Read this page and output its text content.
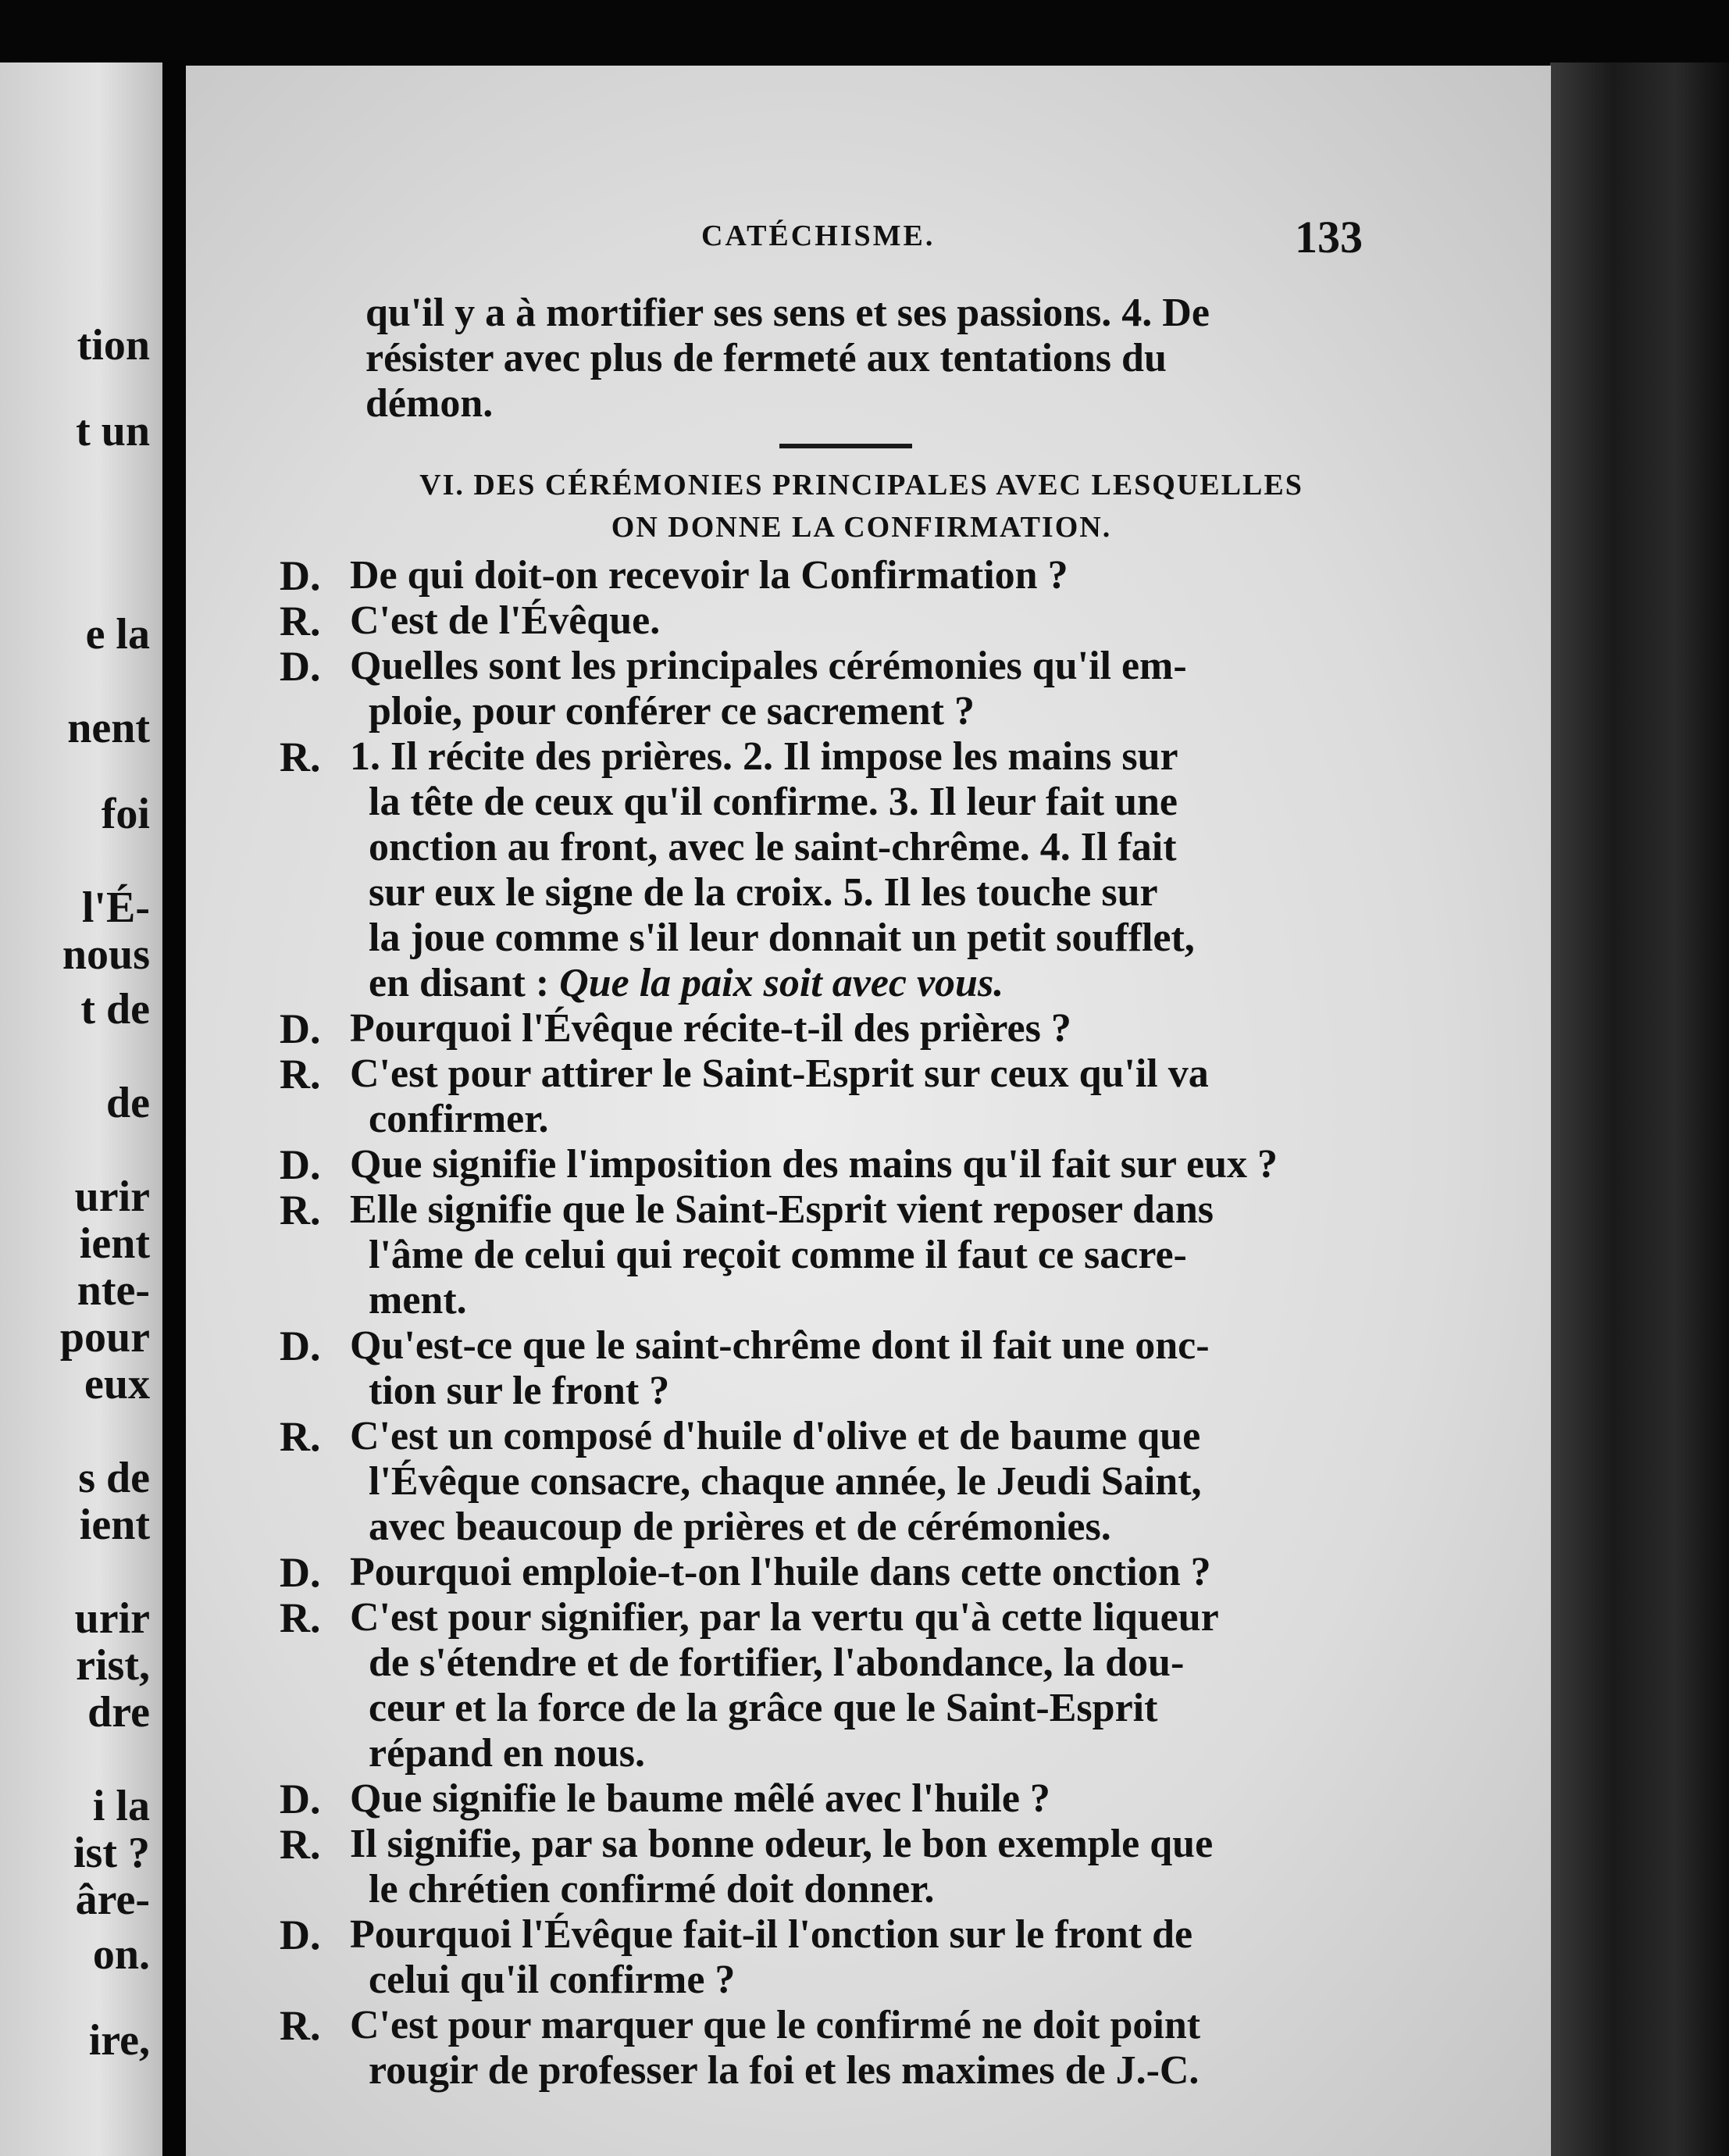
tion
t un
e la
nent
foi
l'É-
nous
t de
de
urir
ient
nte-
pour
eux
s de
ient
urir
rist,
dre
i la
ist ?
âre-
on.
ire,
CATÉCHISME.	133
qu'il y a à mortifier ses sens et ses passions. 4. De
résister avec plus de fermeté aux tentations du
démon.
VI. DES CÉRÉMONIES PRINCIPALES AVEC LESQUELLES
ON DONNE LA CONFIRMATION.
D. De qui doit-on recevoir la Confirmation ?
R. C'est de l'Évêque.
D. Quelles sont les principales cérémonies qu'il em-
ploie, pour conférer ce sacrement ?
R. 1. Il récite des prières. 2. Il impose les mains sur
la tête de ceux qu'il confirme. 3. Il leur fait une
onction au front, avec le saint-chrême. 4. Il fait
sur eux le signe de la croix. 5. Il les touche sur
la joue comme s'il leur donnait un petit soufflet,
en disant : Que la paix soit avec vous.
D. Pourquoi l'Évêque récite-t-il des prières ?
R. C'est pour attirer le Saint-Esprit sur ceux qu'il va
confirmer.
D. Que signifie l'imposition des mains qu'il fait sur eux ?
R. Elle signifie que le Saint-Esprit vient reposer dans
l'âme de celui qui reçoit comme il faut ce sacre-
ment.
D. Qu'est-ce que le saint-chrême dont il fait une onc-
tion sur le front ?
R. C'est un composé d'huile d'olive et de baume que
l'Évêque consacre, chaque année, le Jeudi Saint,
avec beaucoup de prières et de cérémonies.
D. Pourquoi emploie-t-on l'huile dans cette onction ?
R. C'est pour signifier, par la vertu qu'à cette liqueur
de s'étendre et de fortifier, l'abondance, la dou-
ceur et la force de la grâce que le Saint-Esprit
répand en nous.
D. Que signifie le baume mêlé avec l'huile ?
R. Il signifie, par sa bonne odeur, le bon exemple que
le chrétien confirmé doit donner.
D. Pourquoi l'Évêque fait-il l'onction sur le front de
celui qu'il confirme ?
R. C'est pour marquer que le confirmé ne doit point
rougir de professer la foi et les maximes de J.-C.
